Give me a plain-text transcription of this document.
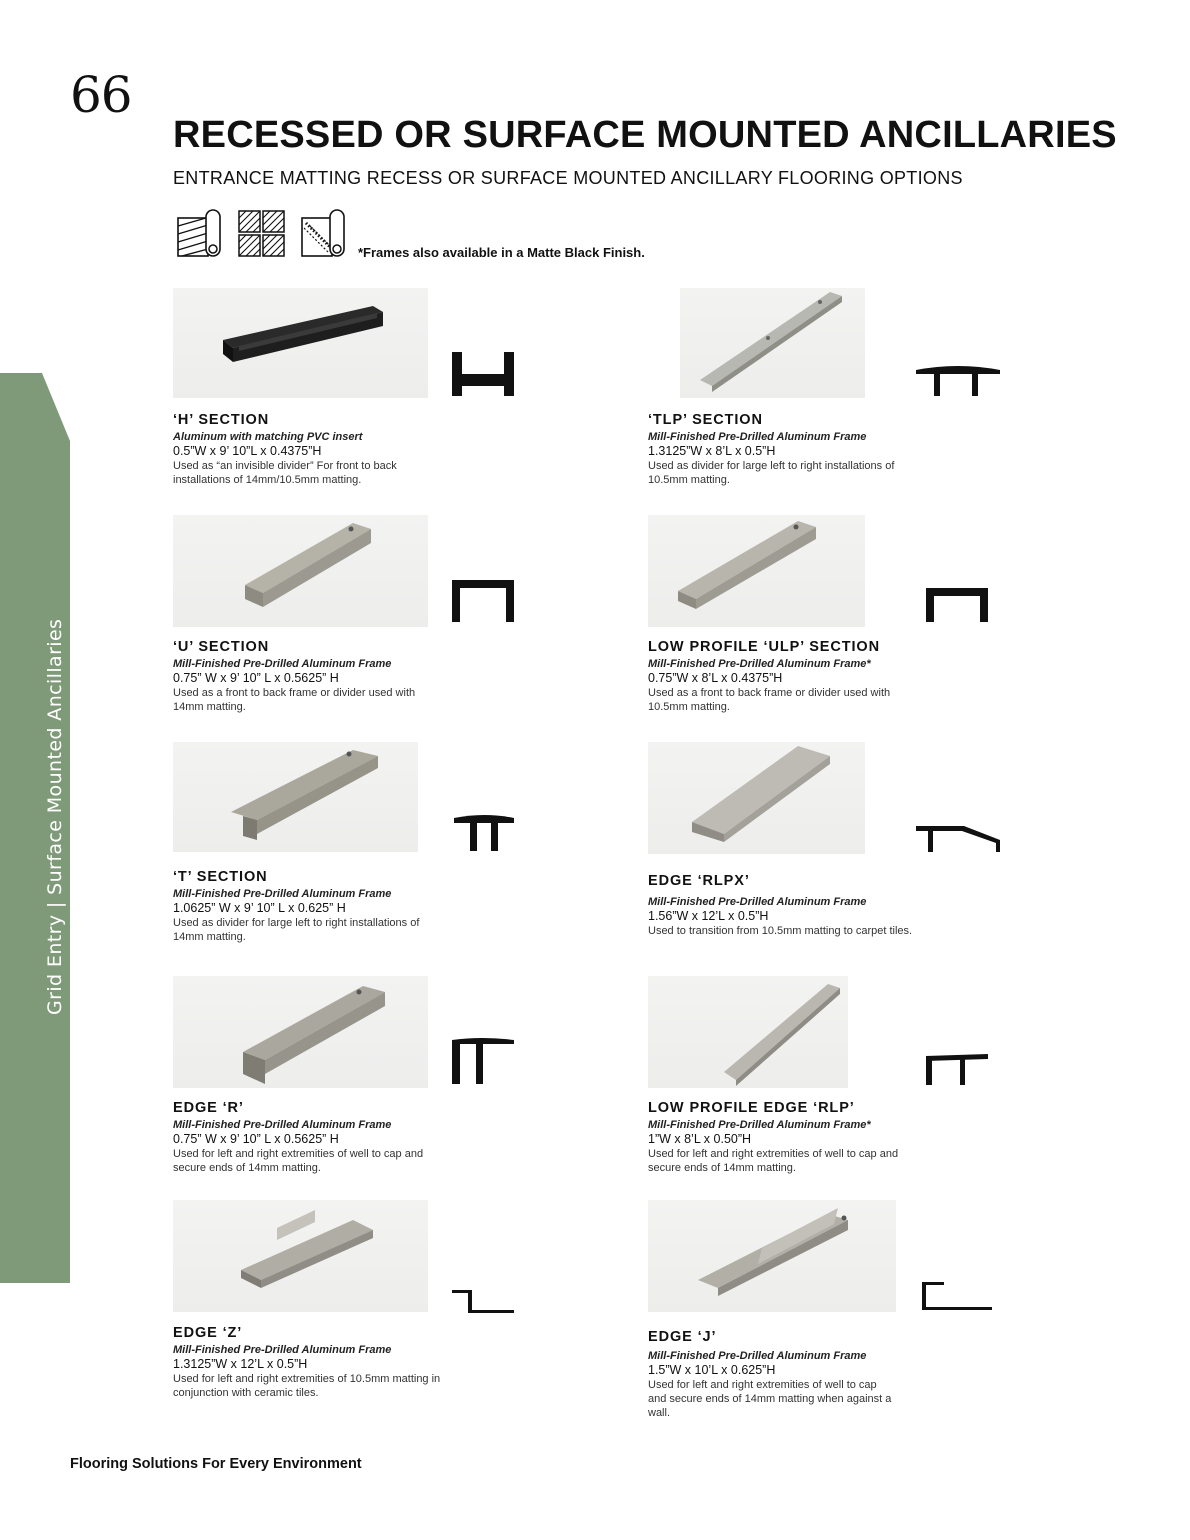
66
RECESSED OR SURFACE MOUNTED ANCILLARIES
ENTRANCE MATTING RECESS OR SURFACE MOUNTED ANCILLARY FLOORING OPTIONS
*Frames also available in a Matte Black Finish.
Grid Entry | Surface Mounted Ancillaries
‘H’ SECTION
Aluminum with matching PVC insert
0.5”W x 9’ 10”L x 0.4375”H
Used as “an invisible divider” For front to back installations of 14mm/10.5mm matting.
‘TLP’ SECTION
Mill-Finished Pre-Drilled Aluminum Frame
1.3125”W x 8’L x 0.5”H
Used as divider for large left to right installations of 10.5mm matting.
‘U’ SECTION
Mill-Finished Pre-Drilled Aluminum Frame
0.75” W x 9’ 10” L x 0.5625” H
Used as a front to back frame or divider used with 14mm matting.
LOW PROFILE ‘ULP’ SECTION
Mill-Finished Pre-Drilled Aluminum Frame*
0.75”W x 8’L x 0.4375”H
Used as a front to back frame or divider used with 10.5mm matting.
‘T’ SECTION
Mill-Finished Pre-Drilled Aluminum Frame
1.0625” W x 9’ 10” L x 0.625” H
Used as divider for large left to right installations of 14mm matting.
EDGE ‘RLPX’
Mill-Finished Pre-Drilled Aluminum Frame
1.56”W x 12’L x 0.5”H
Used to transition from 10.5mm matting to carpet tiles.
EDGE ‘R’
Mill-Finished Pre-Drilled Aluminum Frame
0.75” W x 9’ 10” L x 0.5625” H
Used for left and right extremities of well to cap and secure ends of 14mm matting.
LOW PROFILE EDGE ‘RLP’
Mill-Finished Pre-Drilled Aluminum Frame*
1”W x 8’L x 0.50”H
Used for left and right extremities of well to cap and secure ends of 14mm matting.
EDGE ‘Z’
Mill-Finished Pre-Drilled Aluminum Frame
1.3125”W x 12’L x 0.5”H
Used for left and right extremities of 10.5mm matting in conjunction with ceramic tiles.
EDGE ‘J’
Mill-Finished Pre-Drilled Aluminum Frame
1.5”W x 10’L x 0.625”H
Used for left and right extremities of well to cap and secure ends of 14mm matting when against a wall.
Flooring Solutions For Every Environment
